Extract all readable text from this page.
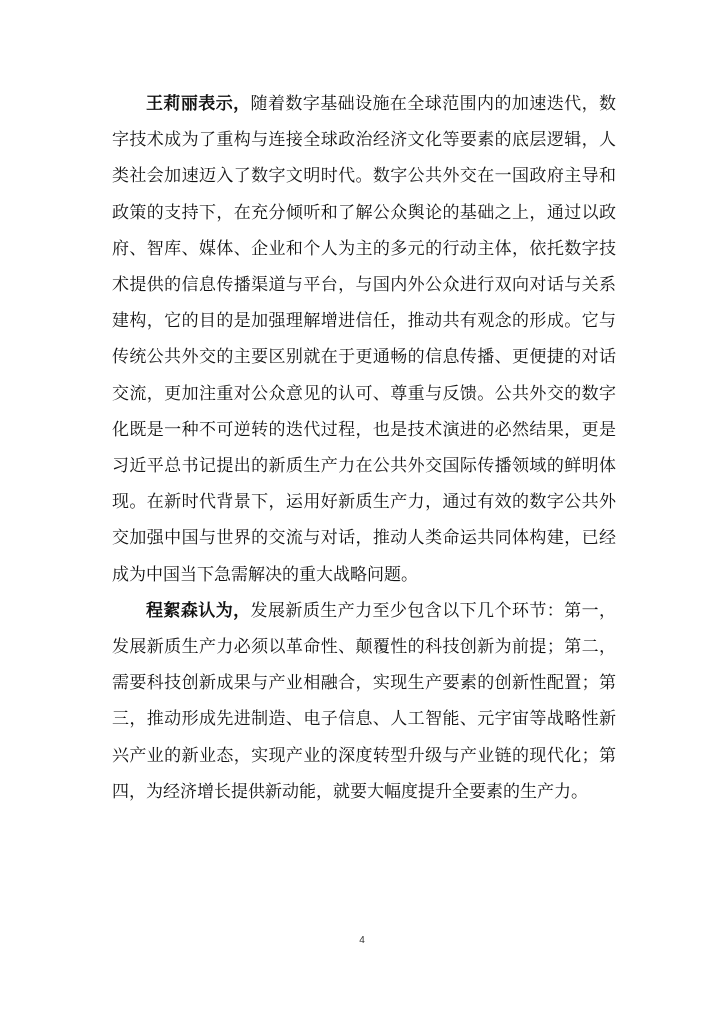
王莉丽表示，随着数字基础设施在全球范围内的加速迭代，数字技术成为了重构与连接全球政治经济文化等要素的底层逻辑，人类社会加速迈入了数字文明时代。数字公共外交在一国政府主导和政策的支持下，在充分倾听和了解公众舆论的基础之上，通过以政府、智库、媒体、企业和个人为主的多元的行动主体，依托数字技术提供的信息传播渠道与平台，与国内外公众进行双向对话与关系建构，它的目的是加强理解增进信任，推动共有观念的形成。它与传统公共外交的主要区别就在于更通畅的信息传播、更便捷的对话交流，更加注重对公众意见的认可、尊重与反馈。公共外交的数字化既是一种不可逆转的迭代过程，也是技术演进的必然结果，更是习近平总书记提出的新质生产力在公共外交国际传播领域的鲜明体现。在新时代背景下，运用好新质生产力，通过有效的数字公共外交加强中国与世界的交流与对话，推动人类命运共同体构建，已经成为中国当下急需解决的重大战略问题。

程絮森认为，发展新质生产力至少包含以下几个环节：第一，发展新质生产力必须以革命性、颠覆性的科技创新为前提；第二，需要科技创新成果与产业相融合，实现生产要素的创新性配置；第三，推动形成先进制造、电子信息、人工智能、元宇宙等战略性新兴产业的新业态，实现产业的深度转型升级与产业链的现代化；第四，为经济增长提供新动能，就要大幅度提升全要素的生产力。

4
